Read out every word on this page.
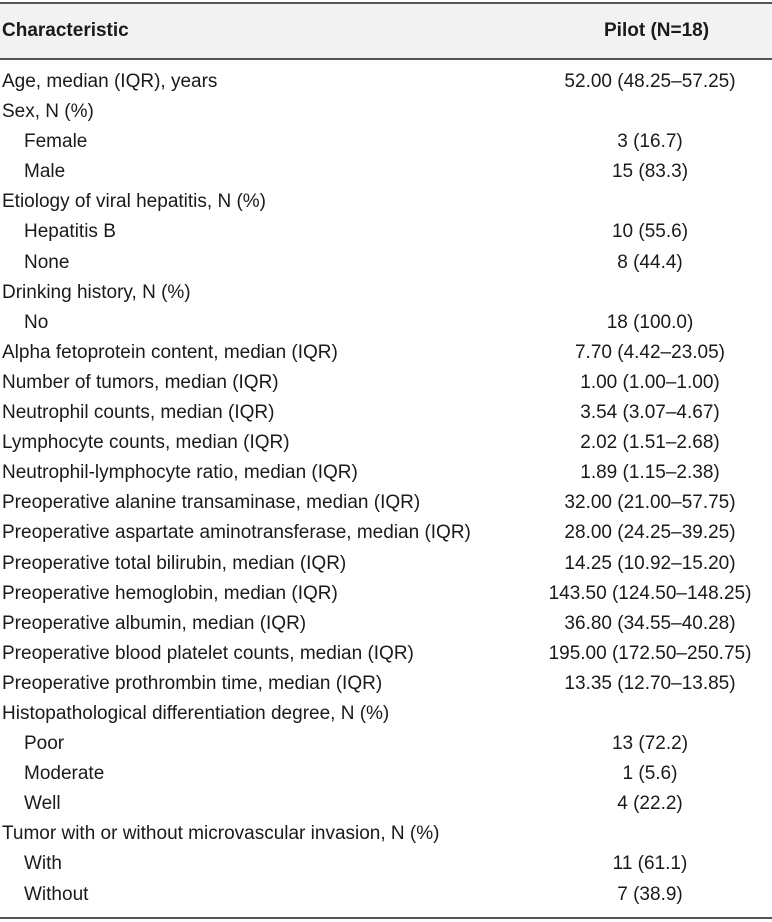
Characteristic	Pilot (N=18)
Age, median (IQR), years	52.00 (48.25–57.25)
Sex, N (%)
Female	3 (16.7)
Male	15 (83.3)
Etiology of viral hepatitis, N (%)
Hepatitis B	10 (55.6)
None	8 (44.4)
Drinking history, N (%)
No	18 (100.0)
Alpha fetoprotein content, median (IQR)	7.70 (4.42–23.05)
Number of tumors, median (IQR)	1.00 (1.00–1.00)
Neutrophil counts, median (IQR)	3.54 (3.07–4.67)
Lymphocyte counts, median (IQR)	2.02 (1.51–2.68)
Neutrophil-lymphocyte ratio, median (IQR)	1.89 (1.15–2.38)
Preoperative alanine transaminase, median (IQR)	32.00 (21.00–57.75)
Preoperative aspartate aminotransferase, median (IQR)	28.00 (24.25–39.25)
Preoperative total bilirubin, median (IQR)	14.25 (10.92–15.20)
Preoperative hemoglobin, median (IQR)	143.50 (124.50–148.25)
Preoperative albumin, median (IQR)	36.80 (34.55–40.28)
Preoperative blood platelet counts, median (IQR)	195.00 (172.50–250.75)
Preoperative prothrombin time, median (IQR)	13.35 (12.70–13.85)
Histopathological differentiation degree, N (%)
Poor	13 (72.2)
Moderate	1 (5.6)
Well	4 (22.2)
Tumor with or without microvascular invasion, N (%)
With	11 (61.1)
Without	7 (38.9)
